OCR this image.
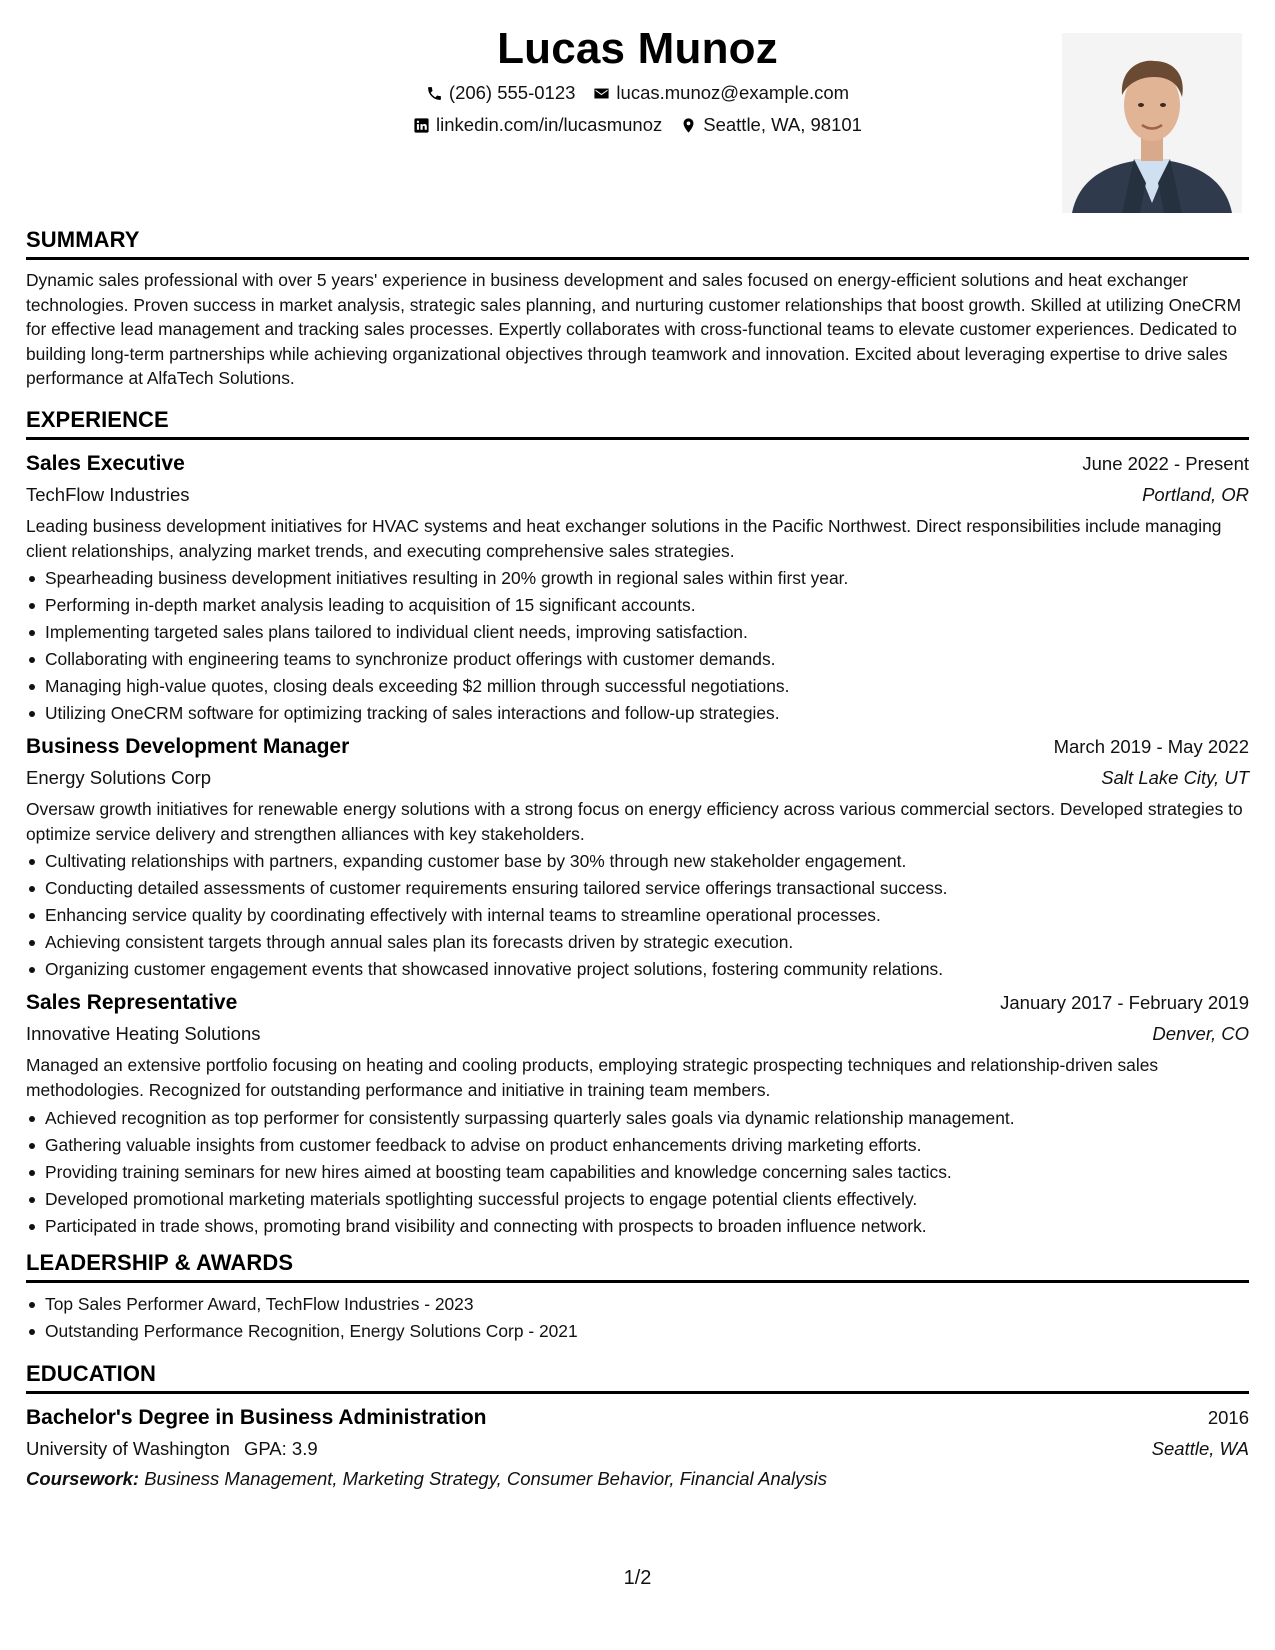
Lucas Munoz
(206) 555-0123 lucas.munoz@example.com
linkedin.com/in/lucasmunoz Seattle, WA, 98101
SUMMARY

Dynamic sales professional with over 5 years' experience in business development and sales focused on energy-efficient solutions and heat exchanger technologies. Proven success in market analysis, strategic sales planning, and nurturing customer relationships that boost growth. Skilled at utilizing OneCRM for effective lead management and tracking sales processes. Expertly collaborates with cross-functional teams to elevate customer experiences. Dedicated to building long-term partnerships while achieving organizational objectives through teamwork and innovation. Excited about leveraging expertise to drive sales performance at AlfaTech Solutions.

EXPERIENCE
Sales Executive	June 2022 - Present
TechFlow Industries	Portland, OR

Leading business development initiatives for HVAC systems and heat exchanger solutions in the Pacific Northwest. Direct responsibilities include managing client relationships, analyzing market trends, and executing comprehensive sales strategies.

Spearheading business development initiatives resulting in 20% growth in regional sales within first year.
Performing in-depth market analysis leading to acquisition of 15 significant accounts.
Implementing targeted sales plans tailored to individual client needs, improving satisfaction.
Collaborating with engineering teams to synchronize product offerings with customer demands.
Managing high-value quotes, closing deals exceeding $2 million through successful negotiations.
Utilizing OneCRM software for optimizing tracking of sales interactions and follow-up strategies.
Business Development Manager	March 2019 - May 2022
Energy Solutions Corp	Salt Lake City, UT

Oversaw growth initiatives for renewable energy solutions with a strong focus on energy efficiency across various commercial sectors. Developed strategies to optimize service delivery and strengthen alliances with key stakeholders.

Cultivating relationships with partners, expanding customer base by 30% through new stakeholder engagement.
Conducting detailed assessments of customer requirements ensuring tailored service offerings transactional success.
Enhancing service quality by coordinating effectively with internal teams to streamline operational processes.
Achieving consistent targets through annual sales plan its forecasts driven by strategic execution.
Organizing customer engagement events that showcased innovative project solutions, fostering community relations.
Sales Representative	January 2017 - February 2019
Innovative Heating Solutions	Denver, CO

Managed an extensive portfolio focusing on heating and cooling products, employing strategic prospecting techniques and relationship-driven sales methodologies. Recognized for outstanding performance and initiative in training team members.

Achieved recognition as top performer for consistently surpassing quarterly sales goals via dynamic relationship management.
Gathering valuable insights from customer feedback to advise on product enhancements driving marketing efforts.
Providing training seminars for new hires aimed at boosting team capabilities and knowledge concerning sales tactics.
Developed promotional marketing materials spotlighting successful projects to engage potential clients effectively.
Participated in trade shows, promoting brand visibility and connecting with prospects to broaden influence network.
LEADERSHIP & AWARDS
Top Sales Performer Award, TechFlow Industries - 2023
Outstanding Performance Recognition, Energy Solutions Corp - 2021
EDUCATION
Bachelor's Degree in Business Administration	2016
University of Washington GPA: 3.9	Seattle, WA
Coursework: Business Management, Marketing Strategy, Consumer Behavior, Financial Analysis
1/2
